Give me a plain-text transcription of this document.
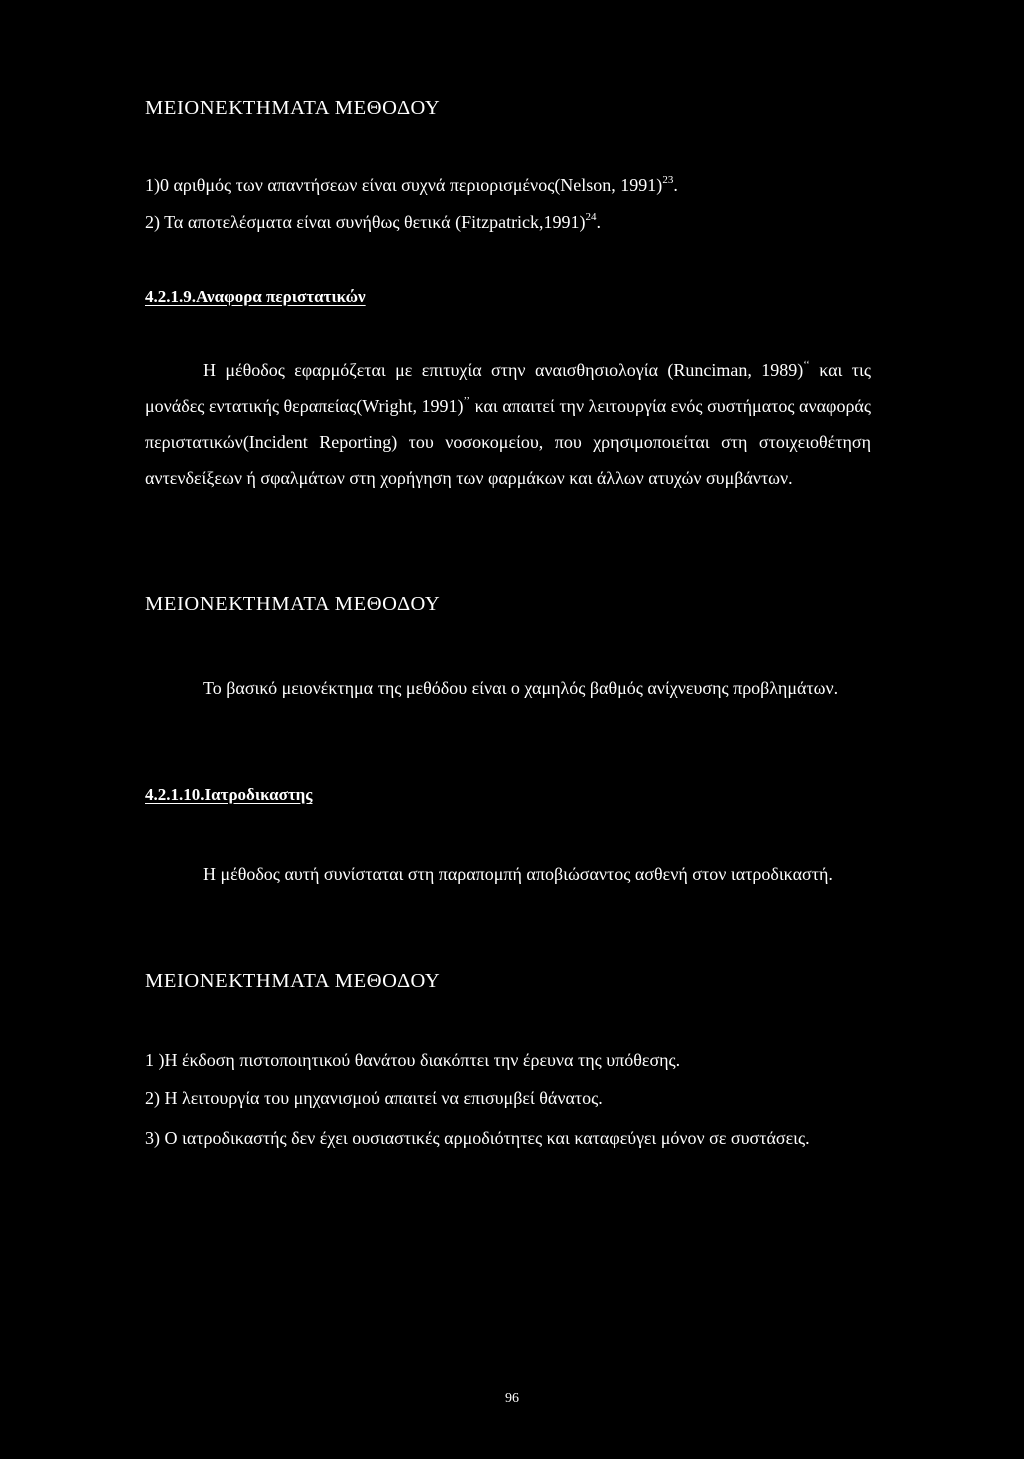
ΜΕΙΟΝΕΚΤΗΜΑΤΑ ΜΕΘΟΔΟΥ
1)0 αριθμός των απαντήσεων είναι συχνά περιορισμένος(Nelson, 1991)$^{23}$.
2) Τα αποτελέσματα είναι συνήθως θετικά (Fitzpatrick,1991)$^{24}$.
4.2.1.9.Αναφορα περιστατικών

Η μέθοδος εφαρμόζεται με επιτυχία στην αναισθησιολογία (Runciman, 1989)‘‘ και τις μονάδες εντατικής θεραπείας(Wright, 1991)’’ και απαιτεί την λειτουργία ενός συστήματος αναφοράς περιστατικών(Incident Reporting) του νοσοκομείου, που χρησιμοποιείται στη στοιχειοθέτηση αντενδείξεων ή σφαλμάτων στη χορήγηση των φαρμάκων και άλλων ατυχών συμβάντων.

ΜΕΙΟΝΕΚΤΗΜΑΤΑ ΜΕΘΟΔΟΥ

Το βασικό μειονέκτημα της μεθόδου είναι ο χαμηλός βαθμός ανίχνευσης προβλημάτων.

4.2.1.10.Ιατροδικαστης

Η μέθοδος αυτή συνίσταται στη παραπομπή αποβιώσαντος ασθενή στον ιατροδικαστή.

ΜΕΙΟΝΕΚΤΗΜΑΤΑ ΜΕΘΟΔΟΥ
1 )Η έκδοση πιστοποιητικού θανάτου διακόπτει την έρευνα της υπόθεσης.
2) Η λειτουργία του μηχανισμού απαιτεί να επισυμβεί θάνατος.

3) Ο ιατροδικαστής δεν έχει ουσιαστικές αρμοδιότητες και καταφεύγει μόνον σε συστάσεις.

96
